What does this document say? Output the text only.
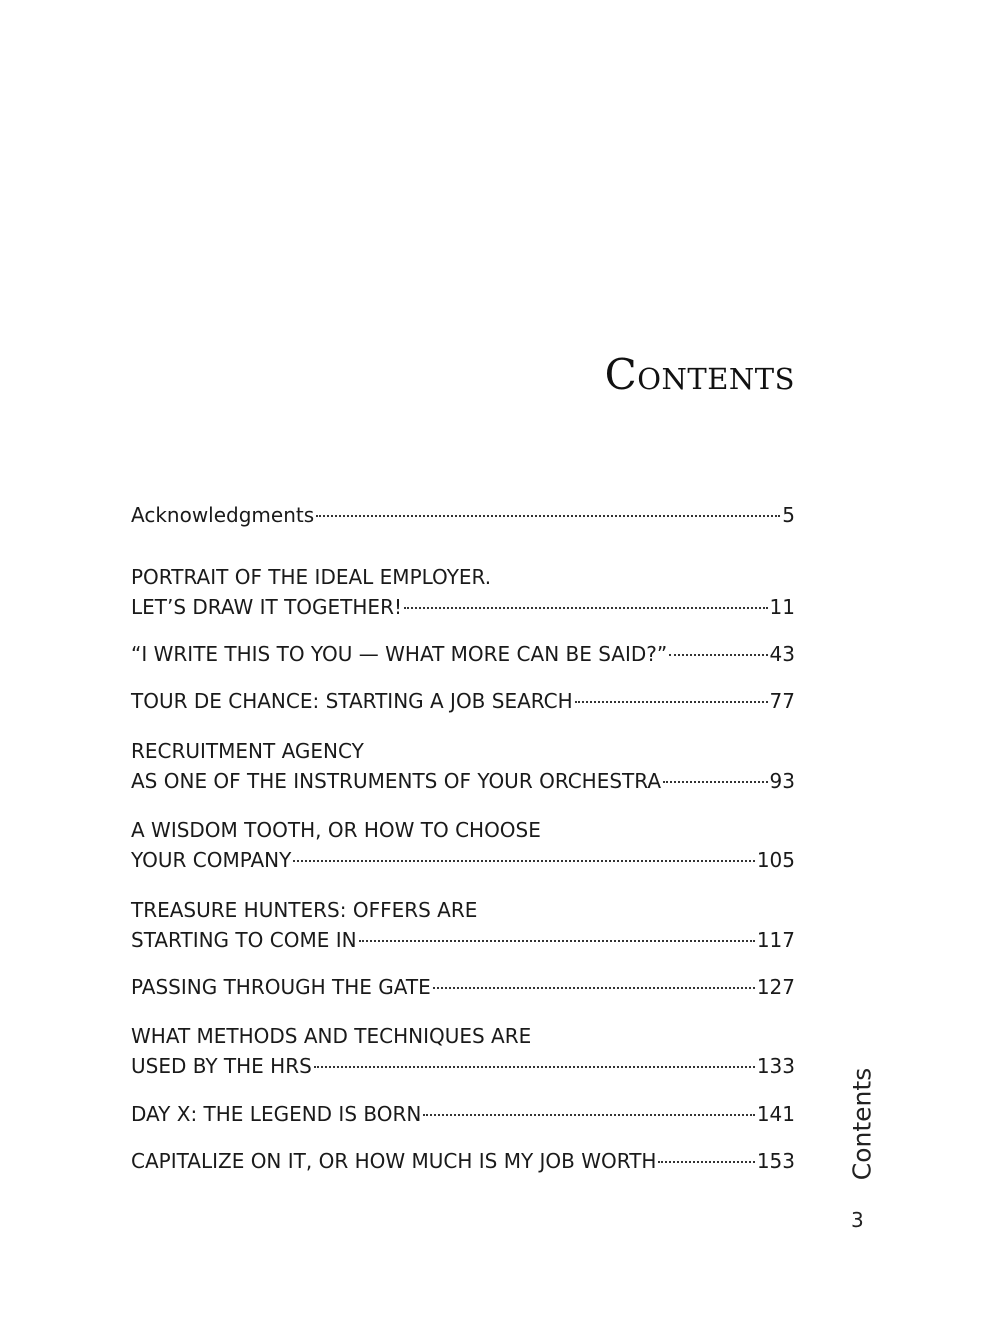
Contents
Acknowledgments	5
PORTRAIT OF THE IDEAL EMPLOYER.
LET’S DRAW IT TOGETHER!	11
“I WRITE THIS TO YOU — WHAT MORE CAN BE SAID?”	43
TOUR DE CHANCE: STARTING A JOB SEARCH	77
RECRUITMENT AGENCY
AS ONE OF THE INSTRUMENTS OF YOUR ORCHESTRA	93
A WISDOM TOOTH, OR HOW TO CHOOSE
YOUR COMPANY	105
TREASURE HUNTERS: OFFERS ARE
STARTING TO COME IN	117
PASSING THROUGH THE GATE	127
WHAT METHODS AND TECHNIQUES ARE
USED BY THE HRS	133
DAY X: THE LEGEND IS BORN	141
CAPITALIZE ON IT, OR HOW MUCH IS MY JOB WORTH	153 Contents
3
